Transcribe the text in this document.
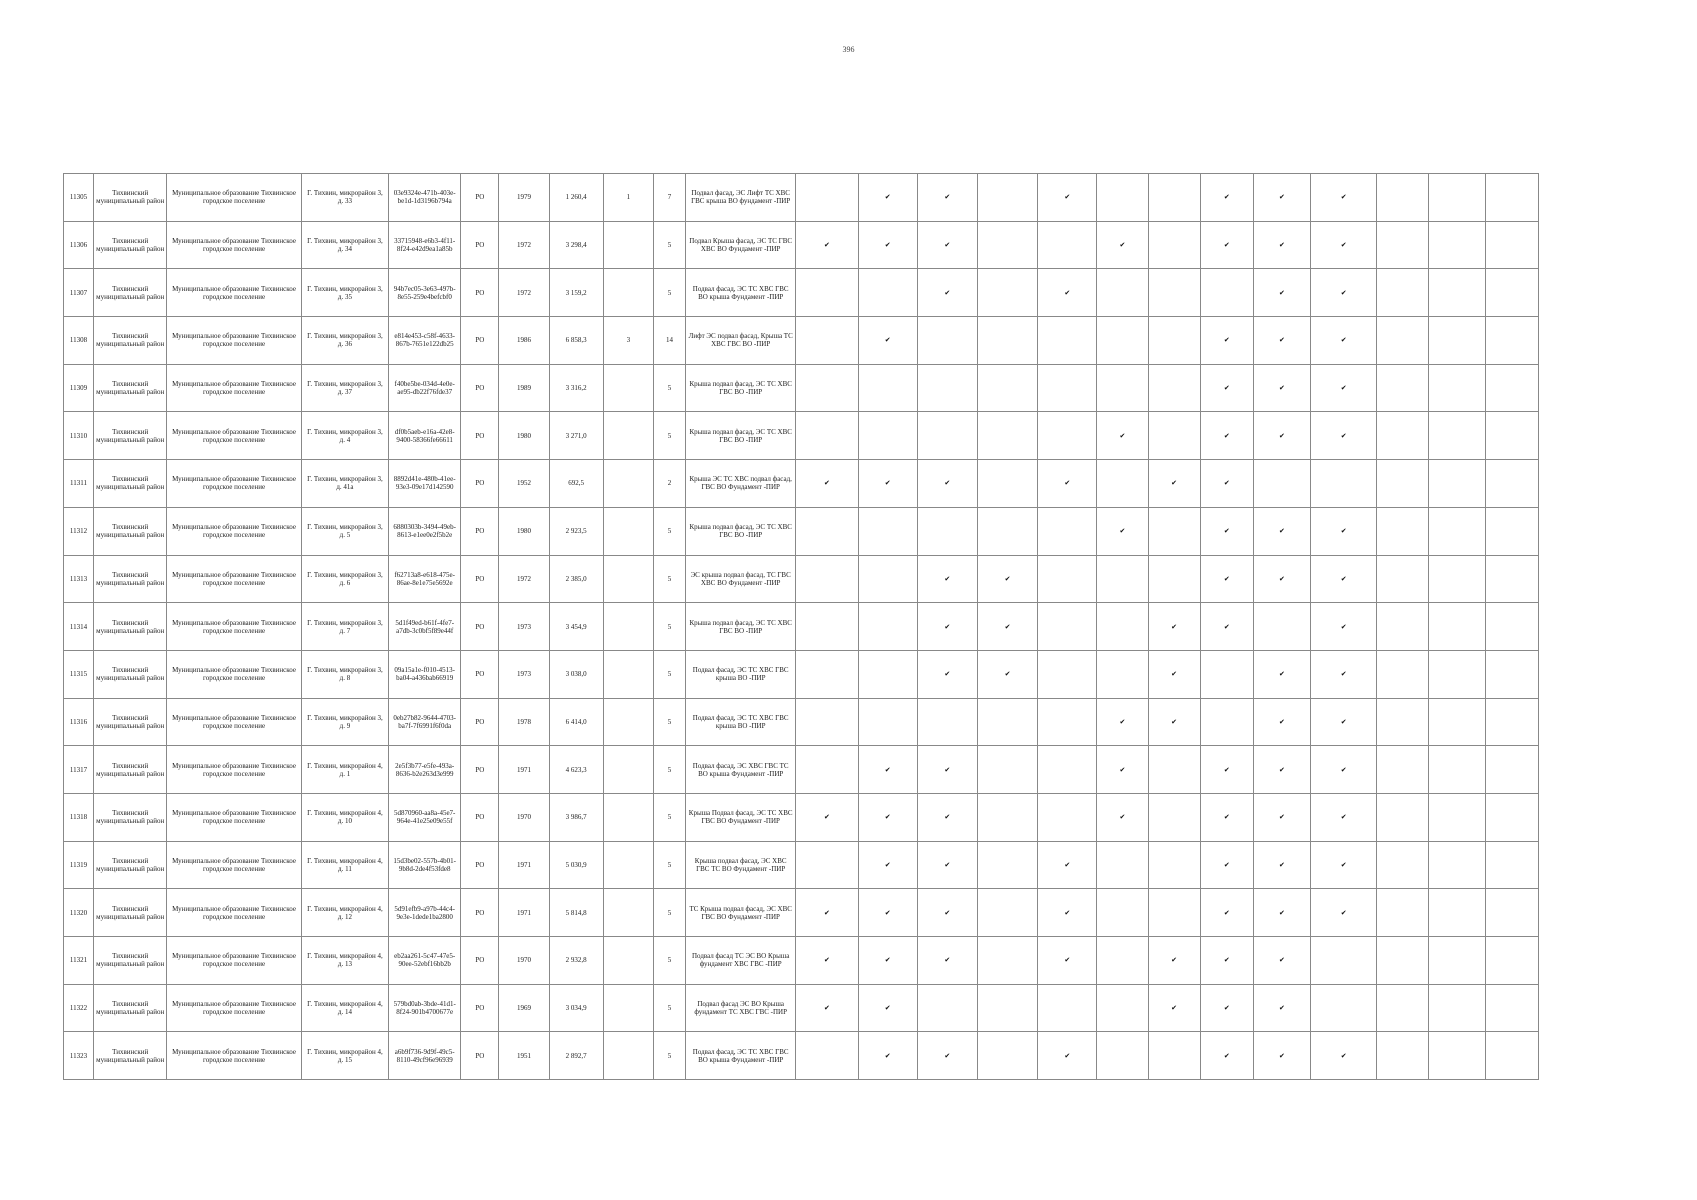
396
11305	Тихвинский муниципальный район	Муниципальное образование Тихвинское городское поселение	Г. Тихвин, микрорайон 3, д. 33	03e9324e-471b-403e-be1d-1d3196b794a	РО	1979	1 260,4	1	7	Подвал фасад, ЭС Лифт ТС ХВС ГВС крыша ВО фундамент -ПИР		✔	✔		✔			✔	✔	✔			
11306	Тихвинский муниципальный район	Муниципальное образование Тихвинское городское поселение	Г. Тихвин, микрорайон 3, д. 34	33715948-e6b3-4f11-8f24-e42d9ea1a85b	РО	1972	3 298,4		5	Подвал Крыша фасад, ЭС ТС ГВС ХВС ВО Фундамент -ПИР	✔	✔	✔			✔		✔	✔	✔			
11307	Тихвинский муниципальный район	Муниципальное образование Тихвинское городское поселение	Г. Тихвин, микрорайон 3, д. 35	94b7ec05-3e63-497b-8e55-259e4befcbf0	РО	1972	3 159,2		5	Подвал фасад, ЭС ТС ХВС ГВС ВО крыша Фундамент -ПИР			✔		✔				✔	✔			
11308	Тихвинский муниципальный район	Муниципальное образование Тихвинское городское поселение	Г. Тихвин, микрорайон 3, д. 36	e814e453-c58f-4633-867b-7651e122db25	РО	1986	6 858,3	3	14	Лифт ЭС подвал фасад, Крыша ТС ХВС ГВС ВО -ПИР		✔						✔	✔	✔			
11309	Тихвинский муниципальный район	Муниципальное образование Тихвинское городское поселение	Г. Тихвин, микрорайон 3, д. 37	f40be5be-034d-4e0e-ae95-db22f76fde37	РО	1989	3 316,2		5	Крыша подвал фасад, ЭС ТС ХВС ГВС ВО -ПИР								✔	✔	✔			
11310	Тихвинский муниципальный район	Муниципальное образование Тихвинское городское поселение	Г. Тихвин, микрорайон 3, д. 4	df0b5aeb-e16a-42e8-9400-58366fe66611	РО	1980	3 271,0		5	Крыша подвал фасад, ЭС ТС ХВС ГВС ВО -ПИР						✔		✔	✔	✔			
11311	Тихвинский муниципальный район	Муниципальное образование Тихвинское городское поселение	Г. Тихвин, микрорайон 3, д. 41а	8892d41e-480b-41ee-93e3-09e17d142590	РО	1952	692,5		2	Крыша ЭС ТС ХВС подвал фасад, ГВС ВО Фундамент -ПИР	✔	✔	✔		✔		✔	✔					
11312	Тихвинский муниципальный район	Муниципальное образование Тихвинское городское поселение	Г. Тихвин, микрорайон 3, д. 5	6880303b-3494-49eb-8613-e1ee0e2f5b2e	РО	1980	2 923,5		5	Крыша подвал фасад, ЭС ТС ХВС ГВС ВО -ПИР						✔		✔	✔	✔			
11313	Тихвинский муниципальный район	Муниципальное образование Тихвинское городское поселение	Г. Тихвин, микрорайон 3, д. 6	f62713a8-e618-475e-86ae-8e1e75e5692e	РО	1972	2 385,0		5	ЭС крыша подвал фасад, ТС ГВС ХВС ВО Фундамент -ПИР			✔	✔				✔	✔	✔			
11314	Тихвинский муниципальный район	Муниципальное образование Тихвинское городское поселение	Г. Тихвин, микрорайон 3, д. 7	5d1f49ed-b61f-4fe7-a7db-3c0bf5f89e44f	РО	1973	3 454,9		5	Крыша подвал фасад, ЭС ТС ХВС ГВС ВО -ПИР			✔	✔			✔	✔		✔			
11315	Тихвинский муниципальный район	Муниципальное образование Тихвинское городское поселение	Г. Тихвин, микрорайон 3, д. 8	09a15a1e-f010-4513-ba04-a436bab66919	РО	1973	3 038,0		5	Подвал фасад, ЭС ТС ХВС ГВС крыша ВО -ПИР			✔	✔			✔		✔	✔			
11316	Тихвинский муниципальный район	Муниципальное образование Тихвинское городское поселение	Г. Тихвин, микрорайон 3, д. 9	0eb27b82-9644-4703-ba7f-7f6991f6f0da	РО	1978	6 414,0		5	Подвал фасад, ЭС ТС ХВС ГВС крыша ВО -ПИР						✔	✔		✔	✔			
11317	Тихвинский муниципальный район	Муниципальное образование Тихвинское городское поселение	Г. Тихвин, микрорайон 4, д. 1	2e5f3b77-e5fe-493a-8636-b2e263d3e999	РО	1971	4 623,3		5	Подвал фасад, ЭС ХВС ГВС ТС ВО крыша Фундамент -ПИР		✔	✔			✔		✔	✔	✔			
11318	Тихвинский муниципальный район	Муниципальное образование Тихвинское городское поселение	Г. Тихвин, микрорайон 4, д. 10	5d870960-aa8a-45e7-964e-41e25e09e55f	РО	1970	3 986,7		5	Крыша Подвал фасад, ЭС ТС ХВС ГВС ВО Фундамент -ПИР	✔	✔	✔			✔		✔	✔	✔			
11319	Тихвинский муниципальный район	Муниципальное образование Тихвинское городское поселение	Г. Тихвин, микрорайон 4, д. 11	15d3be02-557b-4b01-9b8d-2de4f53fde8	РО	1971	5 030,9		5	Крыша подвал фасад, ЭС ХВС ГВС ТС ВО Фундамент -ПИР		✔	✔		✔			✔	✔	✔			
11320	Тихвинский муниципальный район	Муниципальное образование Тихвинское городское поселение	Г. Тихвин, микрорайон 4, д. 12	5d91efb9-a97b-44c4-9e3e-1dede1ba2800	РО	1971	5 814,8		5	ТС Крыша подвал фасад, ЭС ХВС ГВС ВО Фундамент -ПИР	✔	✔	✔		✔			✔	✔	✔			
11321	Тихвинский муниципальный район	Муниципальное образование Тихвинское городское поселение	Г. Тихвин, микрорайон 4, д. 13	eb2aa261-5c47-47e5-90ee-52ebf16bb2b	РО	1970	2 932,8		5	Подвал фасад ТС ЭС ВО Крыша фундамент ХВС ГВС -ПИР	✔	✔	✔		✔		✔	✔	✔				
11322	Тихвинский муниципальный район	Муниципальное образование Тихвинское городское поселение	Г. Тихвин, микрорайон 4, д. 14	579bd0ab-3bde-41d1-8f24-901b4700677e	РО	1969	3 034,9		5	Подвал фасад ЭС ВО Крыша фундамент ТС ХВС ГВС -ПИР	✔	✔					✔	✔	✔				
11323	Тихвинский муниципальный район	Муниципальное образование Тихвинское городское поселение	Г. Тихвин, микрорайон 4, д. 15	a6b9f736-9d9f-49c5-8110-49cf96e96939	РО	1951	2 892,7		5	Подвал фасад, ЭС ТС ХВС ГВС ВО крыша Фундамент -ПИР		✔	✔		✔			✔	✔	✔			
